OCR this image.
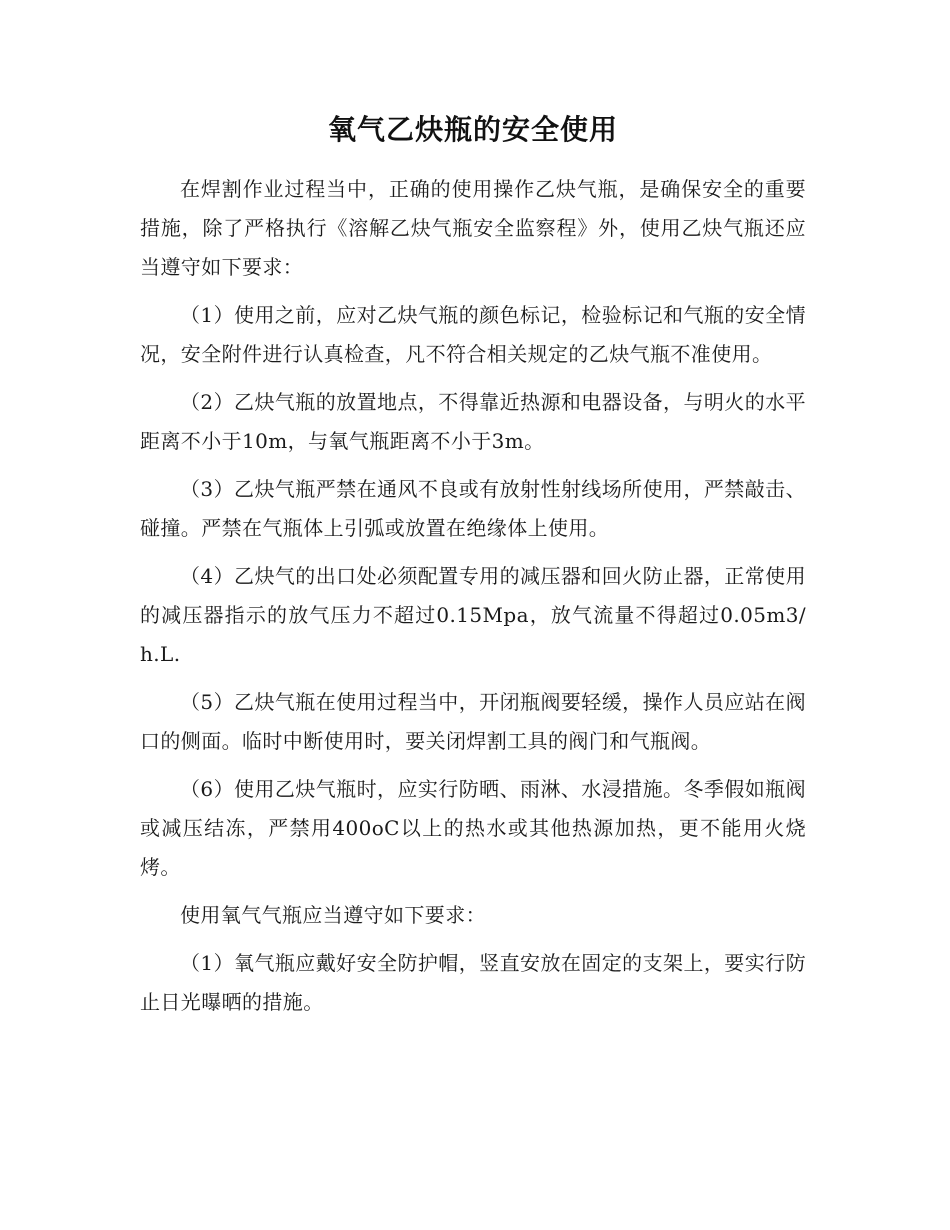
氧气乙炔瓶的安全使用

在焊割作业过程当中，正确的使用操作乙炔气瓶，是确保安全的重要措施，除了严格执行《溶解乙炔气瓶安全监察程》外，使用乙炔气瓶还应当遵守如下要求：

（1）使用之前，应对乙炔气瓶的颜色标记，检验标记和气瓶的安全情况，安全附件进行认真检查，凡不符合相关规定的乙炔气瓶不准使用。

（2）乙炔气瓶的放置地点，不得靠近热源和电器设备，与明火的水平距离不小于10m，与氧气瓶距离不小于3m。

（3）乙炔气瓶严禁在通风不良或有放射性射线场所使用，严禁敲击、碰撞。严禁在气瓶体上引弧或放置在绝缘体上使用。

（4）乙炔气的出口处必须配置专用的减压器和回火防止器，正常使用的减压器指示的放气压力不超过0.15Mpa，放气流量不得超过0.05m3/h.L.

（5）乙炔气瓶在使用过程当中，开闭瓶阀要轻缓，操作人员应站在阀口的侧面。临时中断使用时，要关闭焊割工具的阀门和气瓶阀。

（6）使用乙炔气瓶时，应实行防晒、雨淋、水浸措施。冬季假如瓶阀或减压结冻，严禁用400oC以上的热水或其他热源加热，更不能用火烧烤。

使用氧气气瓶应当遵守如下要求：

（1）氧气瓶应戴好安全防护帽，竖直安放在固定的支架上，要实行防止日光曝晒的措施。
